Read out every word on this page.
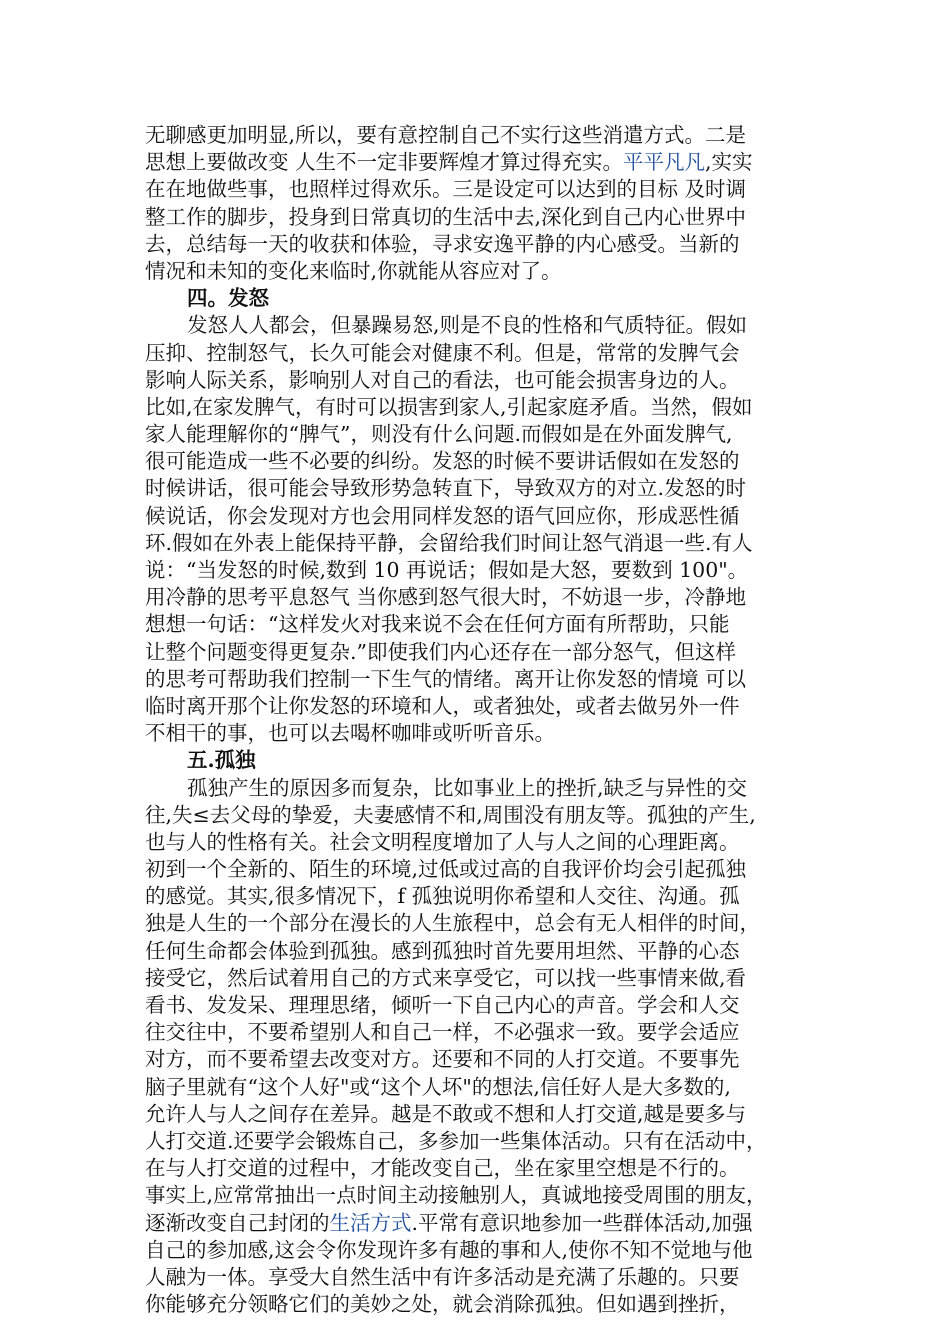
无聊感更加明显,所以，要有意控制自己不实行这些消遣方式。二是
思想上要做改变 人生不一定非要辉煌才算过得充实。平平凡凡,实实
在在地做些事，也照样过得欢乐。三是设定可以达到的目标 及时调
整工作的脚步，投身到日常真切的生活中去,深化到自己内心世界中
去，总结每一天的收获和体验，寻求安逸平静的内心感受。当新的
情况和未知的变化来临时,你就能从容应对了。
四。发怒
发怒人人都会，但暴躁易怒,则是不良的性格和气质特征。假如
压抑、控制怒气，长久可能会对健康不利。但是，常常的发脾气会
影响人际关系，影响别人对自己的看法，也可能会损害身边的人。
比如,在家发脾气，有时可以损害到家人,引起家庭矛盾。当然，假如
家人能理解你的“脾气”，则没有什么问题.而假如是在外面发脾气,
很可能造成一些不必要的纠纷。发怒的时候不要讲话假如在发怒的
时候讲话，很可能会导致形势急转直下，导致双方的对立.发怒的时
候说话，你会发现对方也会用同样发怒的语气回应你，形成恶性循
环.假如在外表上能保持平静，会留给我们时间让怒气消退一些.有人
说：“当发怒的时候,数到 10 再说话；假如是大怒，要数到 100"。
用冷静的思考平息怒气 当你感到怒气很大时，不妨退一步，冷静地
想想一句话：“这样发火对我来说不会在任何方面有所帮助，只能
让整个问题变得更复杂.”即使我们内心还存在一部分怒气，但这样
的思考可帮助我们控制一下生气的情绪。离开让你发怒的情境 可以
临时离开那个让你发怒的环境和人，或者独处，或者去做另外一件
不相干的事，也可以去喝杯咖啡或听听音乐。
五.孤独
孤独产生的原因多而复杂，比如事业上的挫折,缺乏与异性的交
往,失≤去父母的挚爱，夫妻感情不和,周围没有朋友等。孤独的产生,
也与人的性格有关。社会文明程度增加了人与人之间的心理距离。
初到一个全新的、陌生的环境,过低或过高的自我评价均会引起孤独
的感觉。其实,很多情况下，f 孤独说明你希望和人交往、沟通。孤
独是人生的一个部分在漫长的人生旅程中，总会有无人相伴的时间，
任何生命都会体验到孤独。感到孤独时首先要用坦然、平静的心态
接受它，然后试着用自己的方式来享受它，可以找一些事情来做,看
看书、发发呆、理理思绪，倾听一下自己内心的声音。学会和人交
往交往中，不要希望别人和自己一样，不必强求一致。要学会适应
对方，而不要希望去改变对方。还要和不同的人打交道。不要事先
脑子里就有“这个人好"或“这个人坏"的想法,信任好人是大多数的,
允许人与人之间存在差异。越是不敢或不想和人打交道,越是要多与
人打交道.还要学会锻炼自己，多参加一些集体活动。只有在活动中，
在与人打交道的过程中，才能改变自己，坐在家里空想是不行的。
事实上,应常常抽出一点时间主动接触别人，真诚地接受周围的朋友，
逐渐改变自己封闭的生活方式.平常有意识地参加一些群体活动,加强
自己的参加感,这会令你发现许多有趣的事和人,使你不知不觉地与他
人融为一体。享受大自然生活中有许多活动是充满了乐趣的。只要
你能够充分领略它们的美妙之处，就会消除孤独。但如遇到挫折，
